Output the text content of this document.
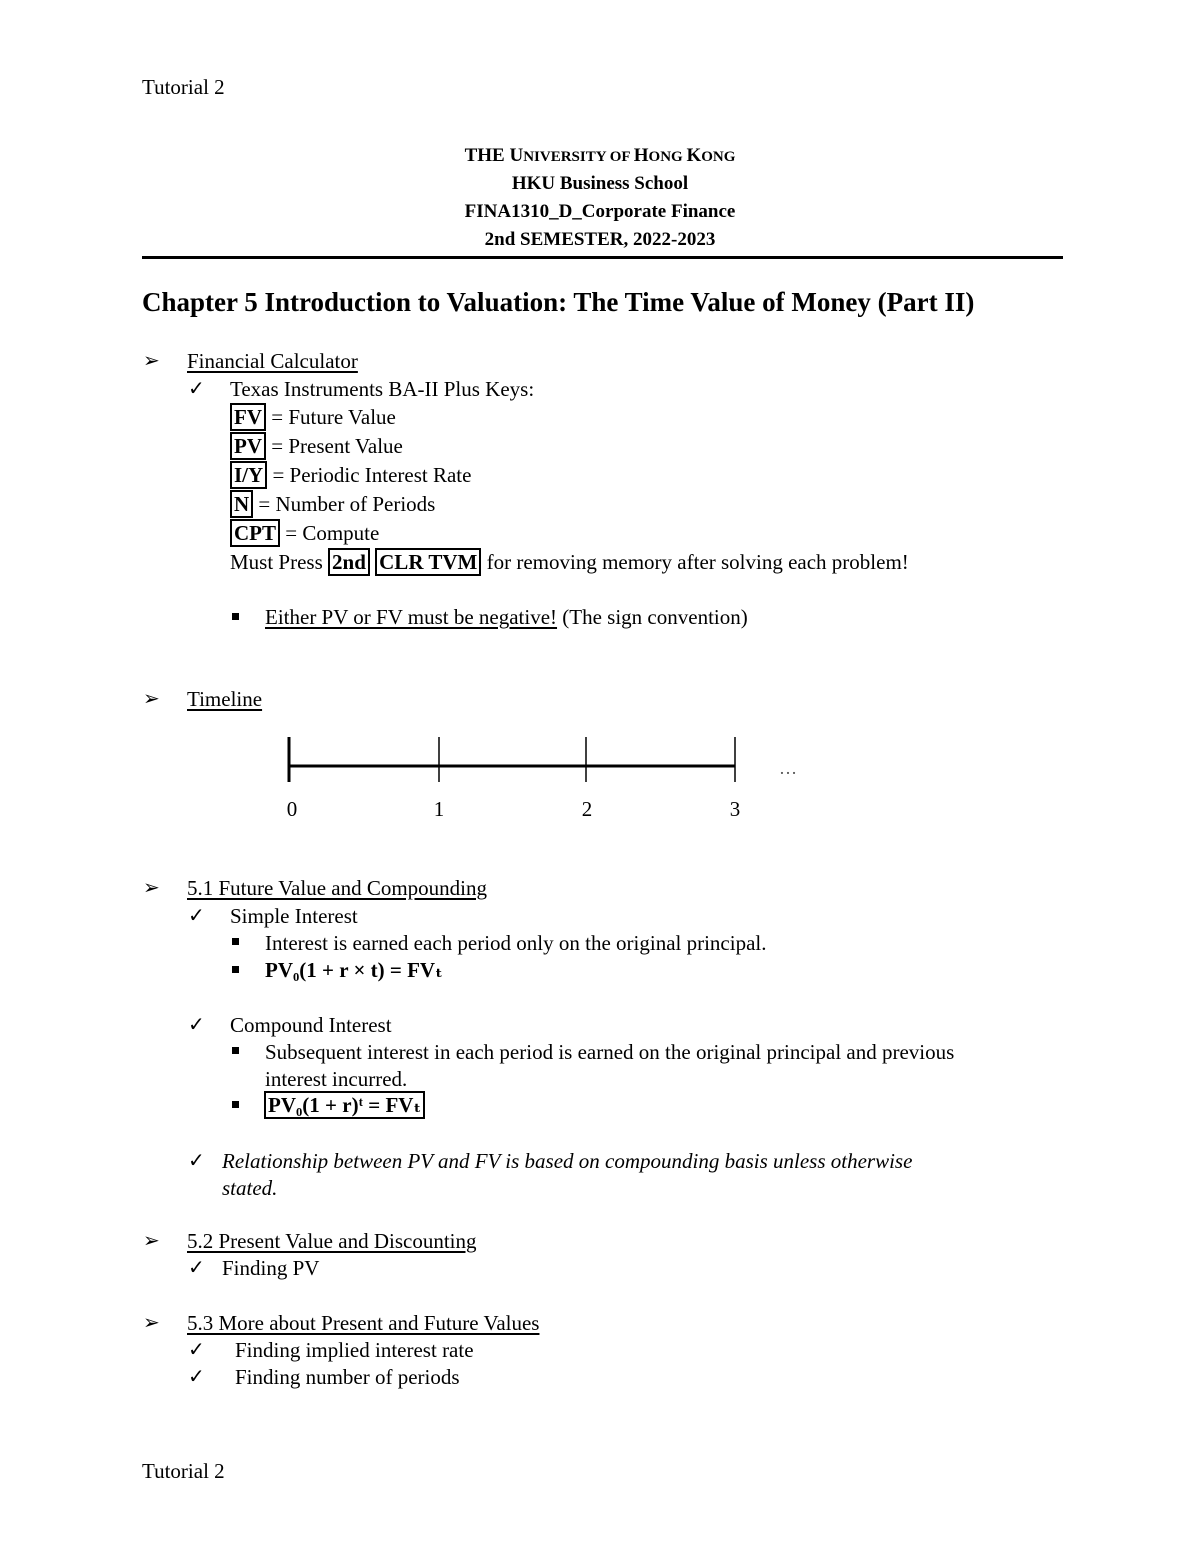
Tutorial 2
THE UNIVERSITY OF HONG KONG
HKU Business School
FINA1310_D_Corporate Finance
2nd SEMESTER, 2022-2023
Chapter 5 Introduction to Valuation: The Time Value of Money (Part II)
➢ Financial Calculator
✓ Texas Instruments BA-II Plus Keys:
FV = Future Value
PV = Present Value
I/Y = Periodic Interest Rate
N = Number of Periods
CPT = Compute
Must Press 2nd CLR TVM for removing memory after solving each problem!
Either PV or FV must be negative! (The sign convention)
➢ Timeline
0	1	2	3
…
➢ 5.1 Future Value and Compounding
✓ Simple Interest
Interest is earned each period only on the original principal.
PV₀(1 + r × t) = FVₜ
✓ Compound Interest
Subsequent interest in each period is earned on the original principal and previous
interest incurred.
PV₀(1 + r)ᵗ = FVₜ
✓ Relationship between PV and FV is based on compounding basis unless otherwise
stated.
➢ 5.2 Present Value and Discounting
✓ Finding PV
➢ 5.3 More about Present and Future Values
✓ Finding implied interest rate
✓ Finding number of periods
Tutorial 2
